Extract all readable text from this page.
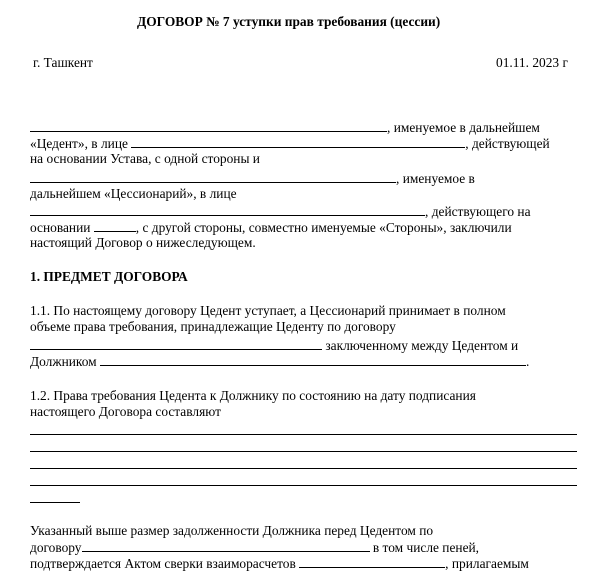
ДОГОВОР № 7 уступки прав требования (цессии)
г. Ташкент	01.11. 2023 г
, именуемое в дальнейшем
«Цедент», в лице	, действующей
на основании Устава, с одной стороны и
, именуемое в
дальнейшем «Цессионарий», в лице
, действующего на
основании	, с другой стороны, совместно именуемые «Стороны», заключили
настоящий Договор о нижеследующем.
1. ПРЕДМЕТ ДОГОВОРА
1.1. По настоящему договору Цедент уступает, а Цессионарий принимает в полном
объеме права требования, принадлежащие Цеденту по договору
заключенному между Цедентом и
Должником	.
1.2. Права требования Цедента к Должнику по состоянию на дату подписания
настоящего Договора составляют
Указанный выше размер задолженности Должника перед Цедентом по
договору	в том числе пеней,
подтверждается Актом сверки взаиморасчетов	, прилагаемым
